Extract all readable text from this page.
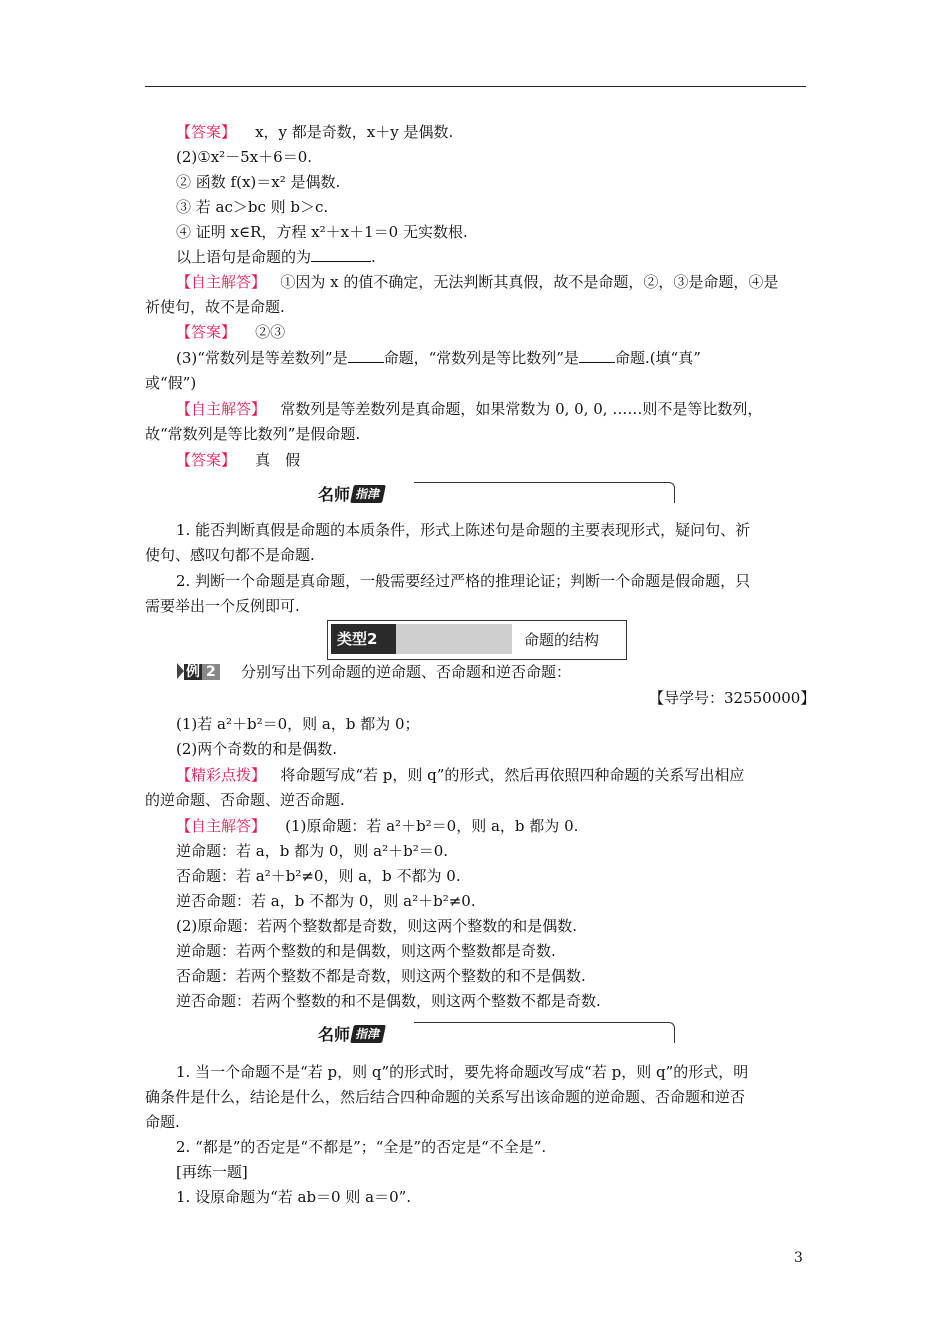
【答案】 x，y 都是奇数，x＋y 是偶数.
(2)①x²－5x＋6＝0.
② 函数 f(x)＝x² 是偶数.
③ 若 ac＞bc 则 b＞c.
④ 证明 x∈R，方程 x²＋x＋1＝0 无实数根.
以上语句是命题的为	.
【自主解答】 ①因为 x 的值不确定，无法判断其真假，故不是命题，②，③是命题，④是
祈使句，故不是命题.
【答案】 ②③
(3)“常数列是等差数列”是 命题，“常数列是等比数列”是 命题.(填“真”
或“假”)
【自主解答】 常数列是等差数列是真命题，如果常数为 0, 0, 0, ……则不是等比数列，
故“常数列是等比数列”是假命题.
【答案】 真　假
名师 指津
1. 能否判断真假是命题的本质条件，形式上陈述句是命题的主要表现形式，疑问句、祈
使句、感叹句都不是命题.
2. 判断一个命题是真命题，一般需要经过严格的推理论证；判断一个命题是假命题，只
需要举出一个反例即可.
类型2	命题的结构
例 2 分别写出下列命题的逆命题、否命题和逆否命题：
【导学号：32550000】
(1)若 a²＋b²＝0，则 a，b 都为 0；
(2)两个奇数的和是偶数.
【精彩点拨】 将命题写成“若 p，则 q”的形式，然后再依照四种命题的关系写出相应
的逆命题、否命题、逆否命题.
【自主解答】 (1)原命题：若 a²＋b²＝0，则 a，b 都为 0.
逆命题：若 a，b 都为 0，则 a²＋b²＝0.
否命题：若 a²＋b²≠0，则 a，b 不都为 0.
逆否命题：若 a，b 不都为 0，则 a²＋b²≠0.
(2)原命题：若两个整数都是奇数，则这两个整数的和是偶数.
逆命题：若两个整数的和是偶数，则这两个整数都是奇数.
否命题：若两个整数不都是奇数，则这两个整数的和不是偶数.
逆否命题：若两个整数的和不是偶数，则这两个整数不都是奇数.
名师 指津
1. 当一个命题不是“若 p，则 q”的形式时，要先将命题改写成“若 p，则 q”的形式，明
确条件是什么，结论是什么，然后结合四种命题的关系写出该命题的逆命题、否命题和逆否
命题.
2. “都是”的否定是“不都是”；“全是”的否定是“不全是”.
[再练一题]
1. 设原命题为“若 ab＝0 则 a＝0”.
3
